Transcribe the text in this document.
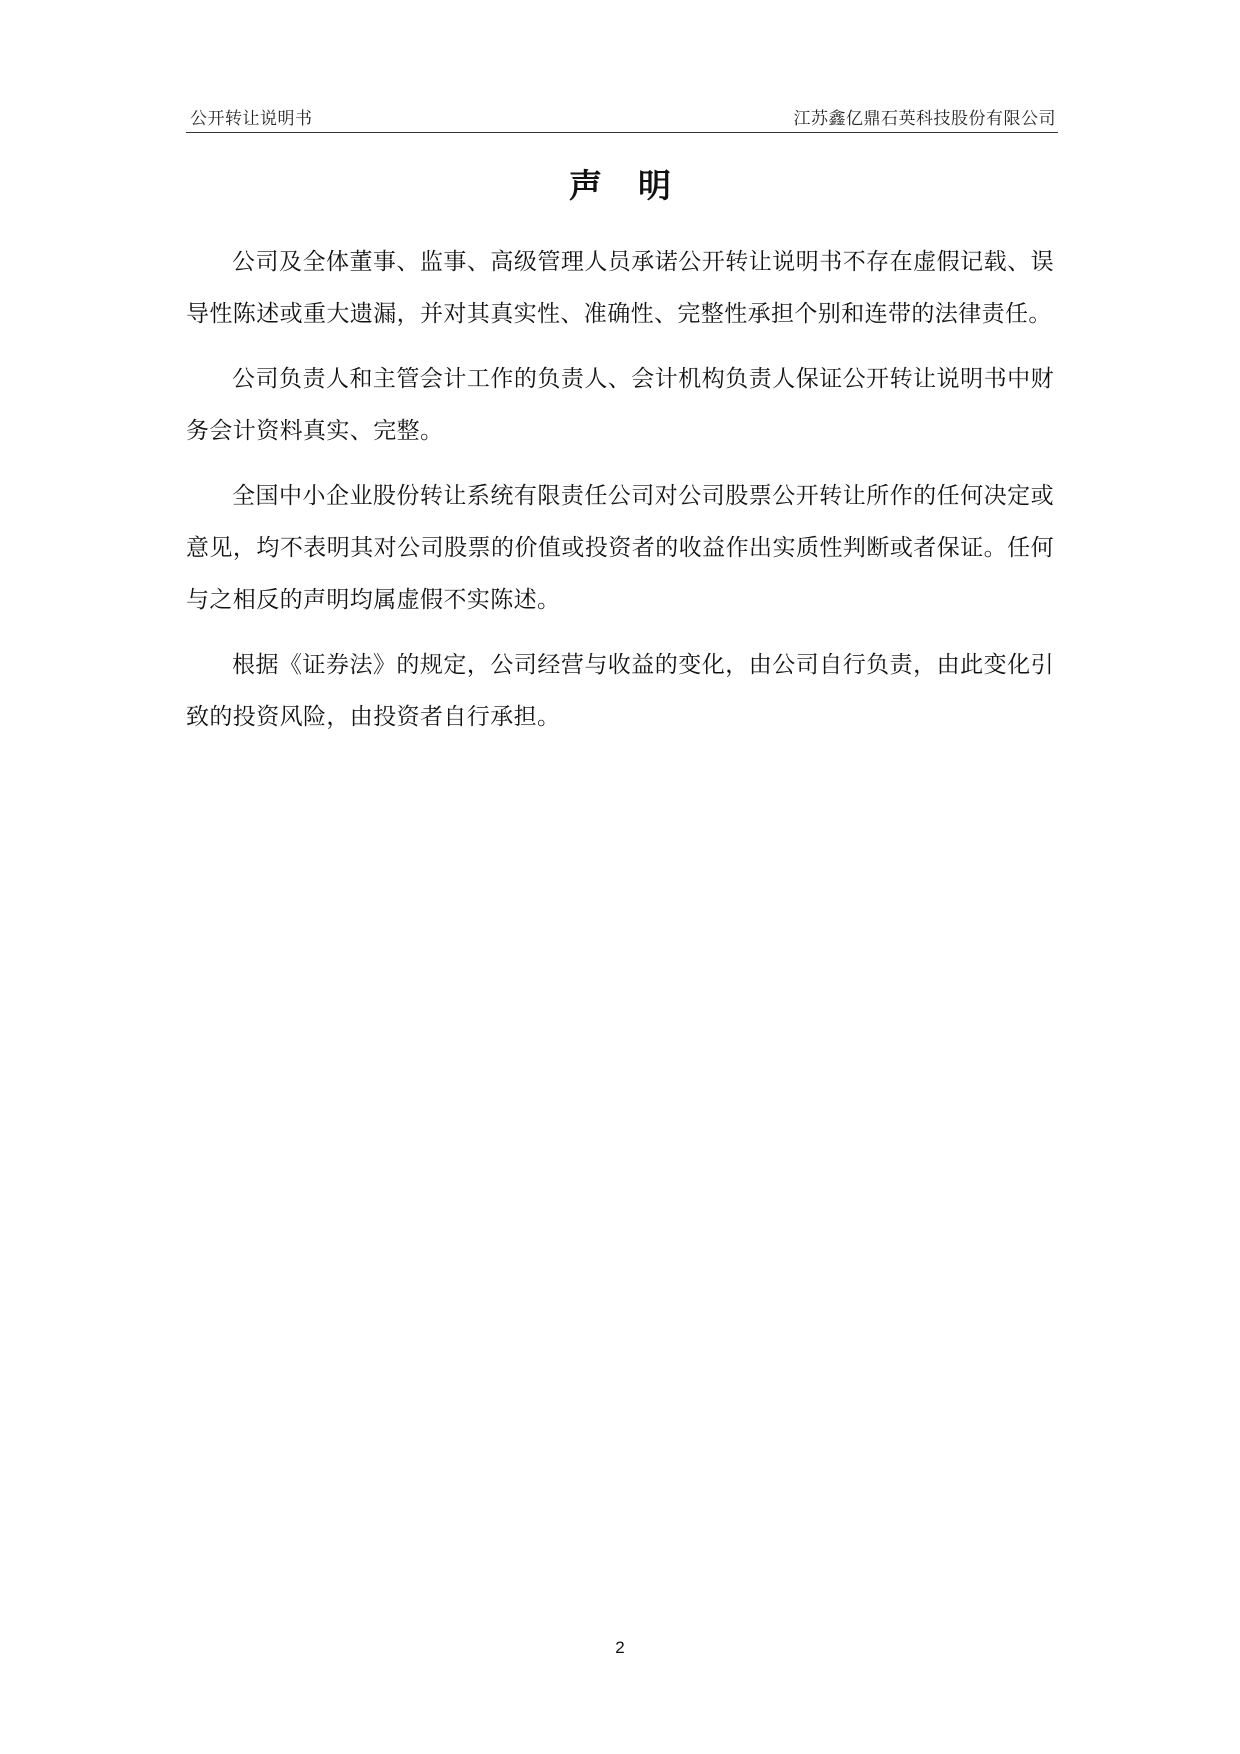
公开转让说明书	江苏鑫亿鼎石英科技股份有限公司
声明

公司及全体董事、监事、高级管理人员承诺公开转让说明书不存在虚假记载、误导性陈述或重大遗漏，并对其真实性、准确性、完整性承担个别和连带的法律责任。

公司负责人和主管会计工作的负责人、会计机构负责人保证公开转让说明书中财务会计资料真实、完整。

全国中小企业股份转让系统有限责任公司对公司股票公开转让所作的任何决定或意见，均不表明其对公司股票的价值或投资者的收益作出实质性判断或者保证。任何与之相反的声明均属虚假不实陈述。

根据《证券法》的规定，公司经营与收益的变化，由公司自行负责，由此变化引致的投资风险，由投资者自行承担。

2
